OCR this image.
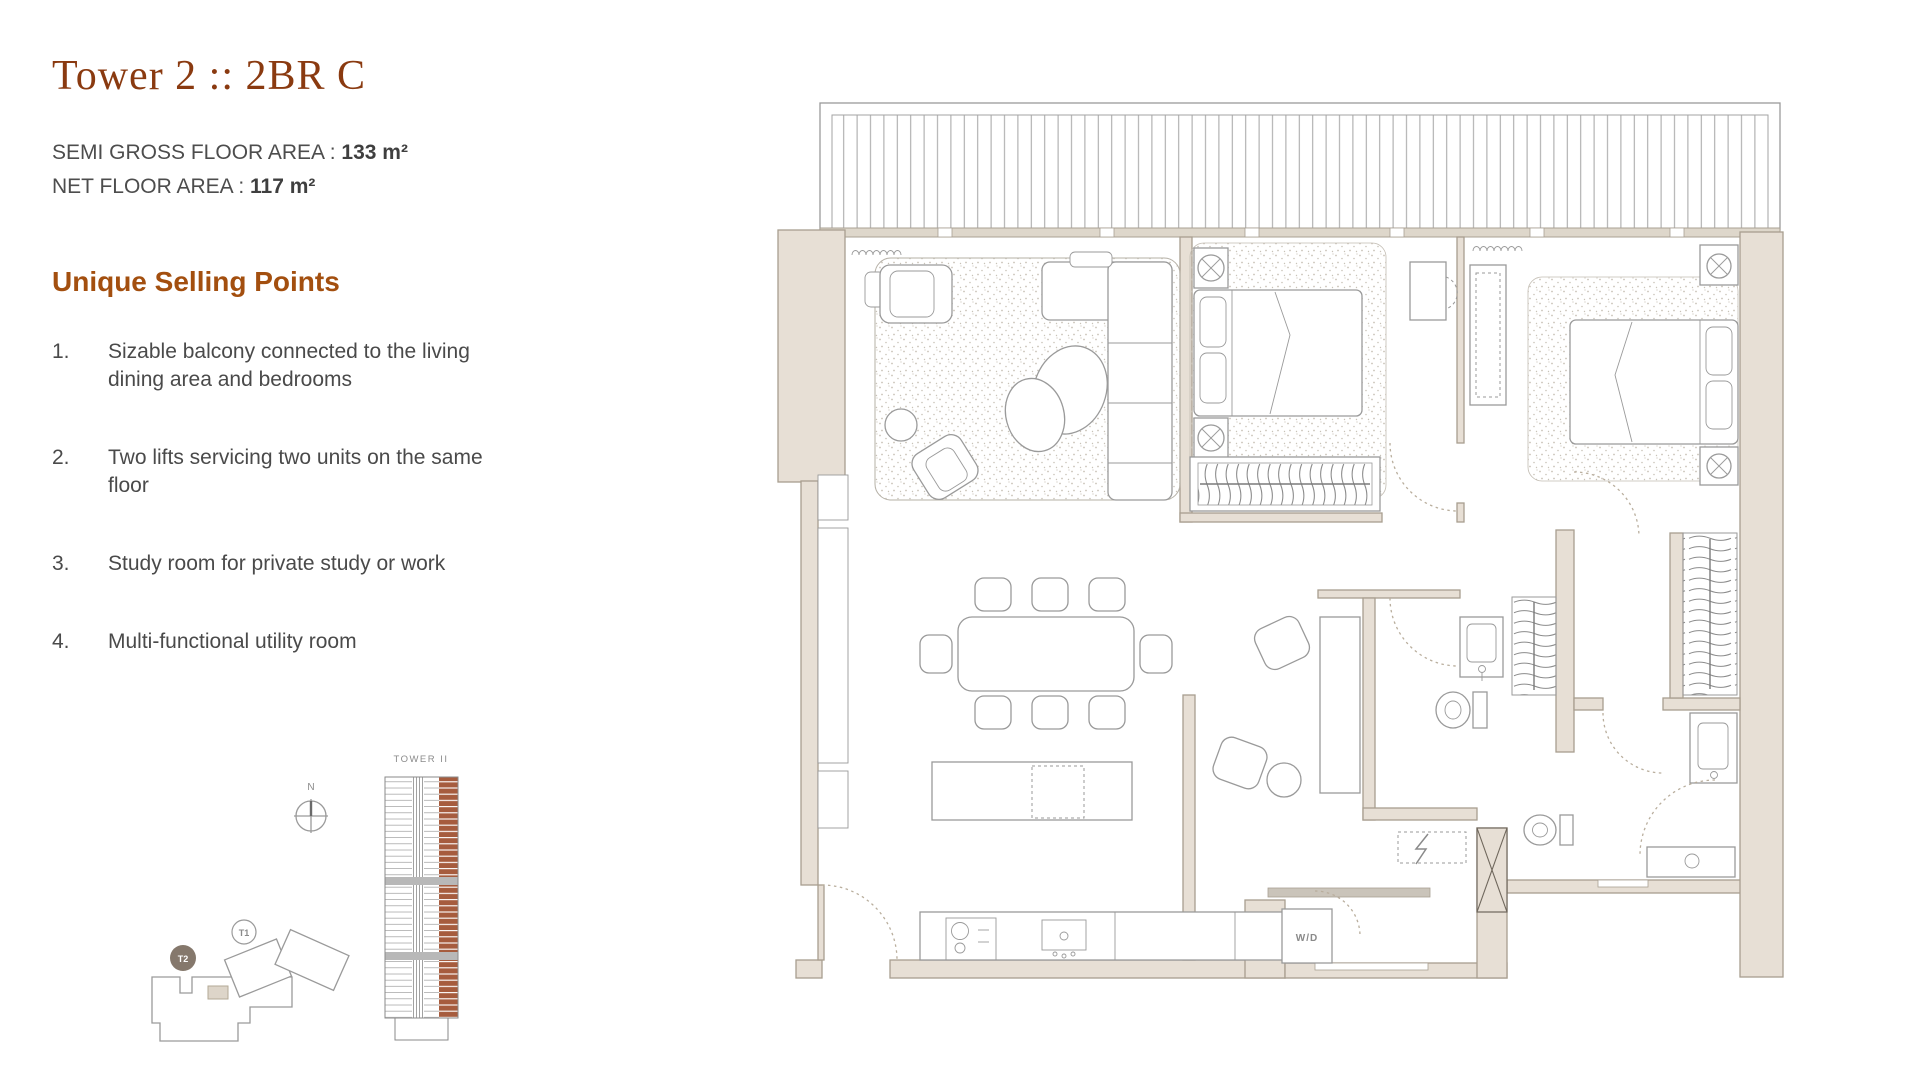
Tower 2 :: 2BR C
SEMI GROSS FLOOR AREA : 133 m²
NET FLOOR AREA : 117 m²
Unique Selling Points
1.	Sizable balcony connected to the living dining area and bedrooms
2.	Two lifts servicing two units on the same floor
3.	Study room for private study or work
4.	Multi-functional utility room
N
TOWER II
T1
T2
W/D
